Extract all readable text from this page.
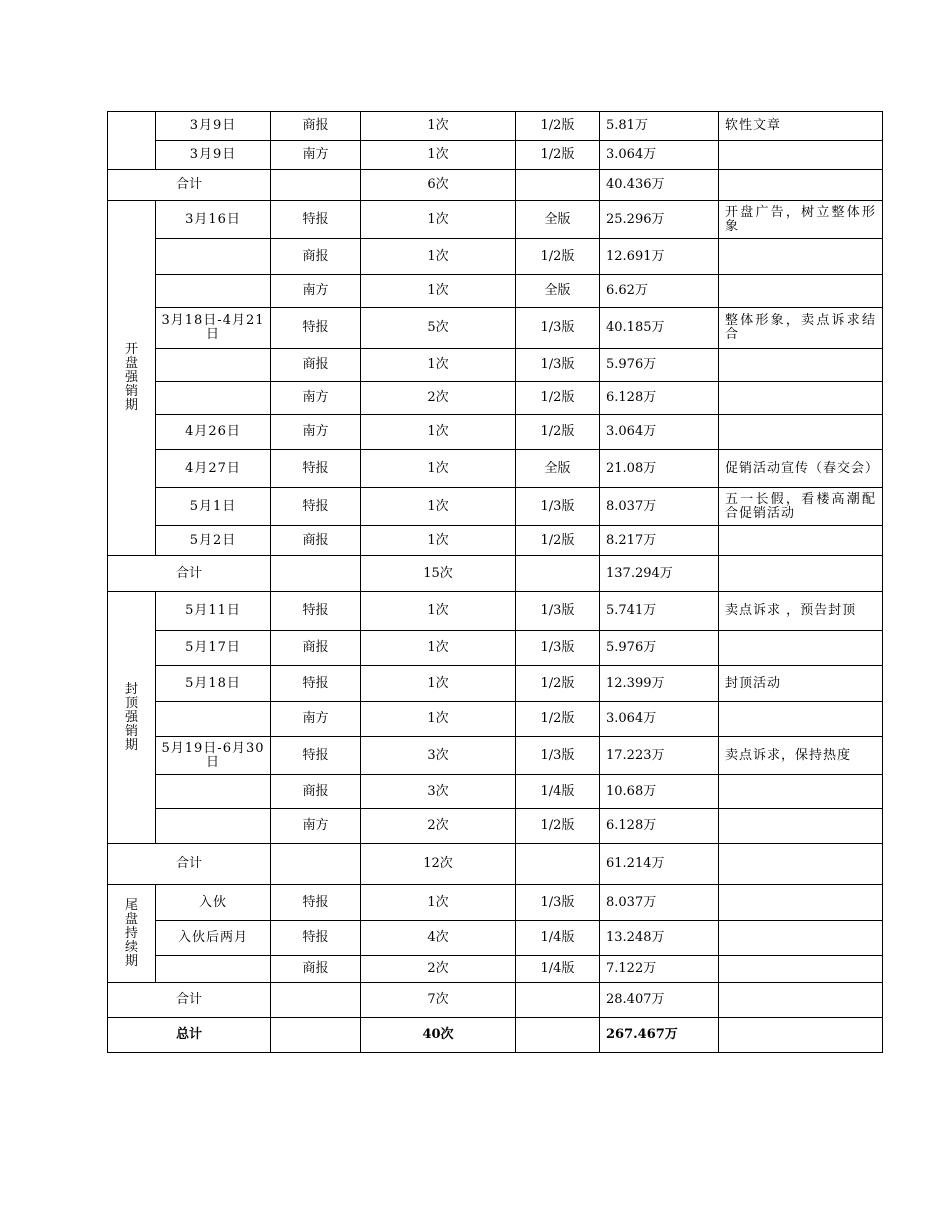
	3月9日	商报	1次	1/2版	5.81万	软性文章
	3月9日	南方	1次	1/2版	3.064万	
合计			6次		40.436万	
开
盘
强
销
期	3月16日	特报	1次	全版	25.296万	开盘广告，树立整体形象
		商报	1次	1/2版	12.691万	
		南方	1次	全版	6.62万	
	3月18日-4月21日	特报	5次	1/3版	40.185万	整体形象，卖点诉求结合
		商报	1次	1/3版	5.976万	
		南方	2次	1/2版	6.128万	
	4月26日	南方	1次	1/2版	3.064万	
	4月27日	特报	1次	全版	21.08万	促销活动宣传（春交会）
	5月1日	特报	1次	1/3版	8.037万	五一长假，看楼高潮配合促销活动
	5月2日	商报	1次	1/2版	8.217万	
合计			15次		137.294万	
封
顶
强
销
期	5月11日	特报	1次	1/3版	5.741万	卖点诉求 ，预告封顶
	5月17日	商报	1次	1/3版	5.976万	
	5月18日	特报	1次	1/2版	12.399万	封顶活动
		南方	1次	1/2版	3.064万	
	5月19日-6月30日	特报	3次	1/3版	17.223万	卖点诉求，保持热度
		商报	3次	1/4版	10.68万	
		南方	2次	1/2版	6.128万	
合计			12次		61.214万	
尾
盘
持
续
期	入伙	特报	1次	1/3版	8.037万	
	入伙后两月	特报	4次	1/4版	13.248万	
		商报	2次	1/4版	7.122万	
合计			7次		28.407万	
总计			40次		267.467万	
